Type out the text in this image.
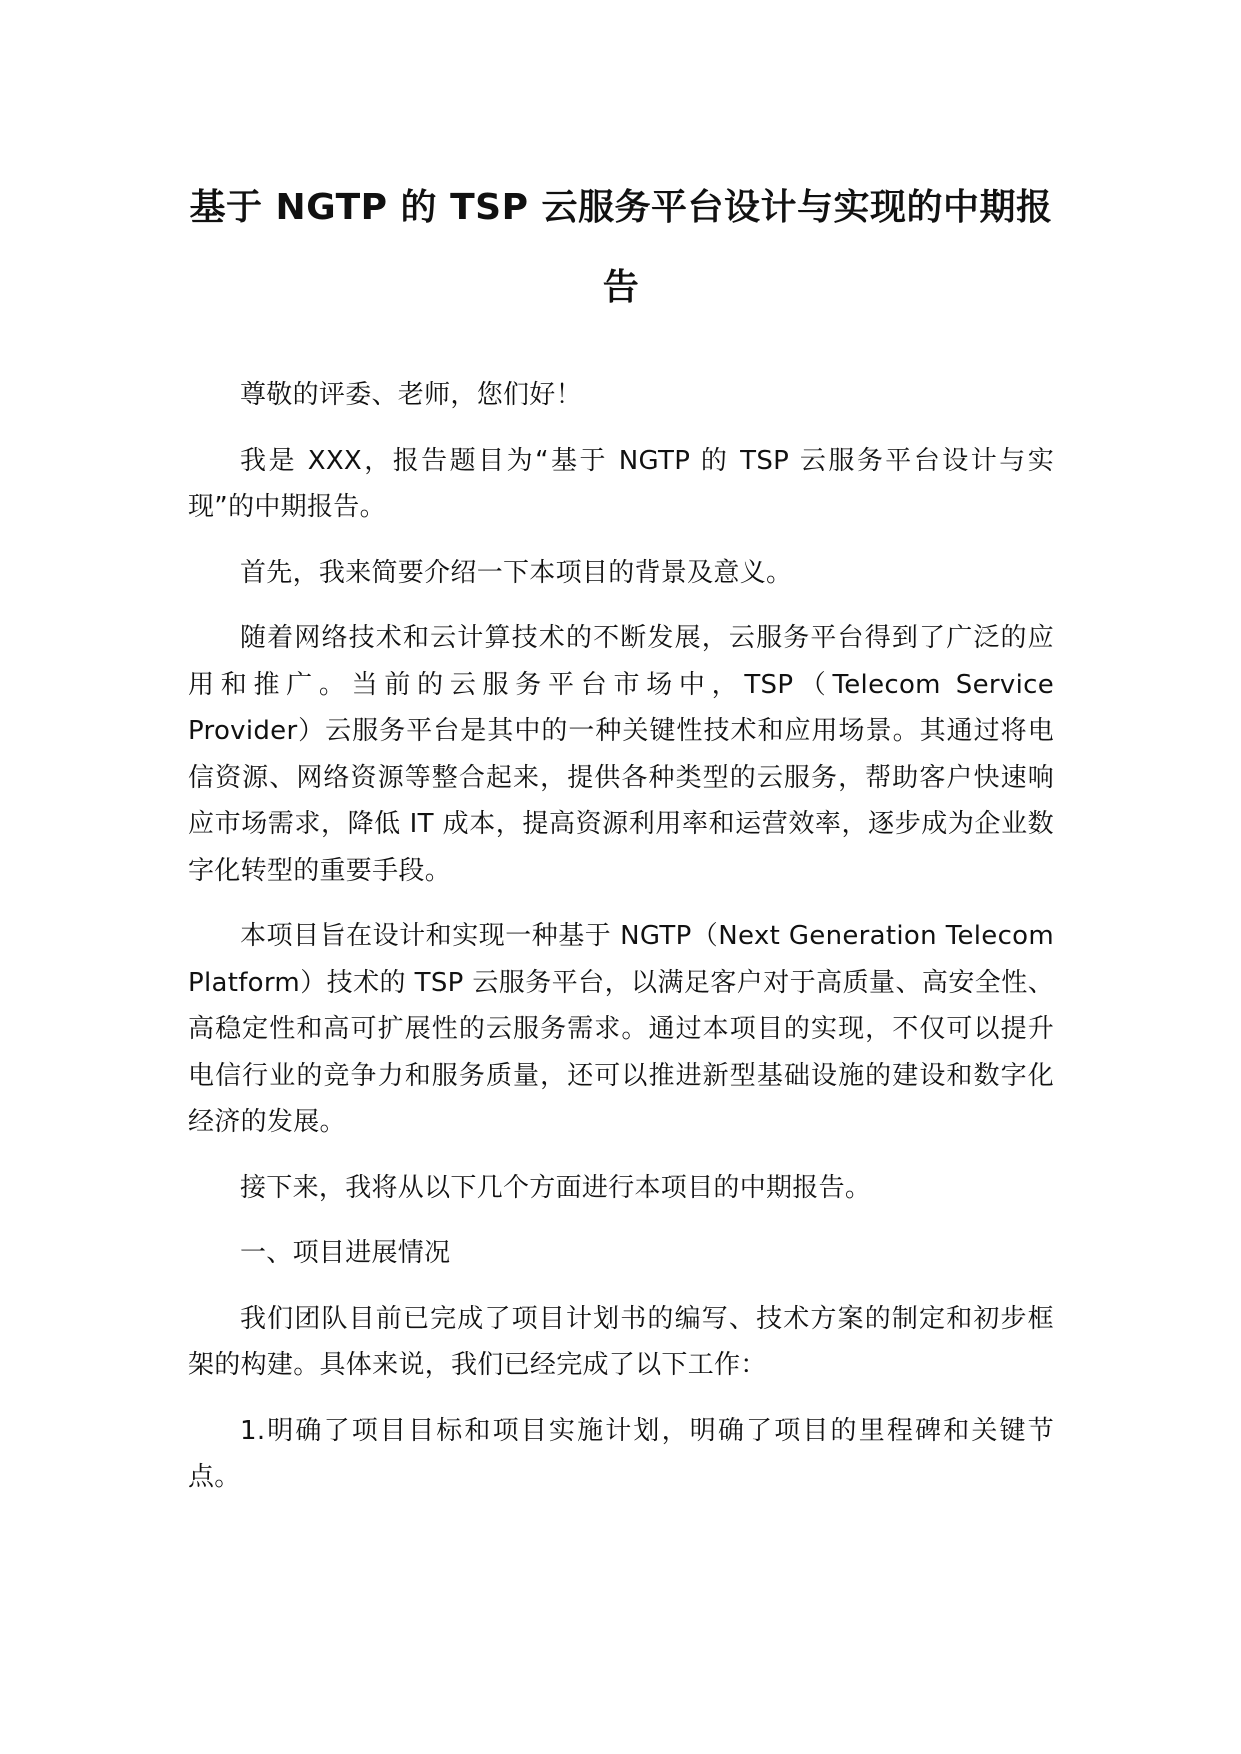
基于 NGTP 的 TSP 云服务平台设计与实现的中期报告

尊敬的评委、老师，您们好！

我是 XXX，报告题目为“基于 NGTP 的 TSP 云服务平台设计与实现”的中期报告。

首先，我来简要介绍一下本项目的背景及意义。

随着网络技术和云计算技术的不断发展，云服务平台得到了广泛的应用和推广。当前的云服务平台市场中，TSP（Telecom Service Provider）云服务平台是其中的一种关键性技术和应用场景。其通过将电信资源、网络资源等整合起来，提供各种类型的云服务，帮助客户快速响应市场需求，降低 IT 成本，提高资源利用率和运营效率，逐步成为企业数字化转型的重要手段。

本项目旨在设计和实现一种基于 NGTP（Next Generation Telecom Platform）技术的 TSP 云服务平台，以满足客户对于高质量、高安全性、高稳定性和高可扩展性的云服务需求。通过本项目的实现，不仅可以提升电信行业的竞争力和服务质量，还可以推进新型基础设施的建设和数字化经济的发展。

接下来，我将从以下几个方面进行本项目的中期报告。

一、项目进展情况

我们团队目前已完成了项目计划书的编写、技术方案的制定和初步框架的构建。具体来说，我们已经完成了以下工作：

1.明确了项目目标和项目实施计划，明确了项目的里程碑和关键节点。
